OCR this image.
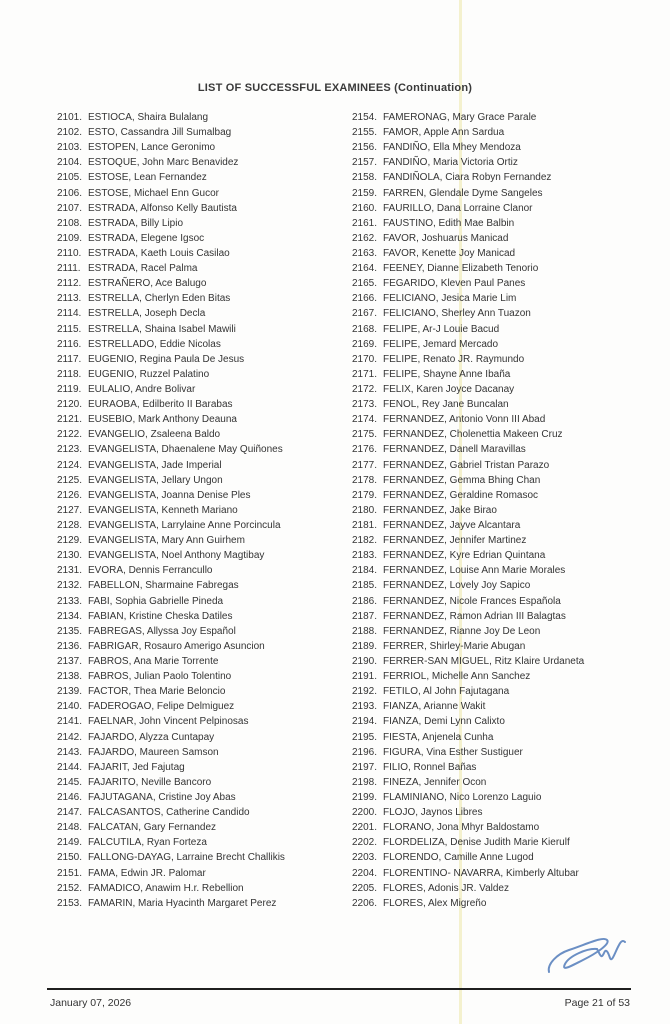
LIST OF SUCCESSFUL EXAMINEES (Continuation)
2101. ESTIOCA, Shaira Bulalang
2102. ESTO, Cassandra Jill Sumalbag
2103. ESTOPEN, Lance Geronimo
2104. ESTOQUE, John Marc Benavidez
2105. ESTOSE, Lean Fernandez
2106. ESTOSE, Michael Enn Gucor
2107. ESTRADA, Alfonso Kelly Bautista
2108. ESTRADA, Billy Lipio
2109. ESTRADA, Elegene Igsoc
2110. ESTRADA, Kaeth Louis Casilao
2111. ESTRADA, Racel Palma
2112. ESTRAÑERO, Ace Balugo
2113. ESTRELLA, Cherlyn Eden Bitas
2114. ESTRELLA, Joseph Decla
2115. ESTRELLA, Shaina Isabel Mawili
2116. ESTRELLADO, Eddie Nicolas
2117. EUGENIO, Regina Paula De Jesus
2118. EUGENIO, Ruzzel Palatino
2119. EULALIO, Andre Bolivar
2120. EURAOBA, Edilberito II Barabas
2121. EUSEBIO, Mark Anthony Deauna
2122. EVANGELIO, Zsaleena Baldo
2123. EVANGELISTA, Dhaenalene May Quiñones
2124. EVANGELISTA, Jade Imperial
2125. EVANGELISTA, Jellary Ungon
2126. EVANGELISTA, Joanna Denise Ples
2127. EVANGELISTA, Kenneth Mariano
2128. EVANGELISTA, Larrylaine Anne Porcincula
2129. EVANGELISTA, Mary Ann Guirhem
2130. EVANGELISTA, Noel Anthony Magtibay
2131. EVORA, Dennis Ferrancullo
2132. FABELLON, Sharmaine Fabregas
2133. FABI, Sophia Gabrielle Pineda
2134. FABIAN, Kristine Cheska Datiles
2135. FABREGAS, Allyssa Joy Español
2136. FABRIGAR, Rosauro Amerigo Asuncion
2137. FABROS, Ana Marie Torrente
2138. FABROS, Julian Paolo Tolentino
2139. FACTOR, Thea Marie Beloncio
2140. FADEROGAO, Felipe Delmiguez
2141. FAELNAR, John Vincent Pelpinosas
2142. FAJARDO, Alyzza Cuntapay
2143. FAJARDO, Maureen Samson
2144. FAJARIT, Jed Fajutag
2145. FAJARITO, Neville Bancoro
2146. FAJUTAGANA, Cristine Joy Abas
2147. FALCASANTOS, Catherine Candido
2148. FALCATAN, Gary Fernandez
2149. FALCUTILA, Ryan Forteza
2150. FALLONG-DAYAG, Larraine Brecht Challikis
2151. FAMA, Edwin JR. Palomar
2152. FAMADICO, Anawim H.r. Rebellion
2153. FAMARIN, Maria Hyacinth Margaret Perez
2154. FAMERONAG, Mary Grace Parale
2155. FAMOR, Apple Ann Sardua
2156. FANDIÑO, Ella Mhey Mendoza
2157. FANDIÑO, Maria Victoria Ortiz
2158. FANDIÑOLA, Ciara Robyn Fernandez
2159. FARREN, Glendale Dyme Sangeles
2160. FAURILLO, Dana Lorraine Clanor
2161. FAUSTINO, Edith Mae Balbin
2162. FAVOR, Joshuarus Manicad
2163. FAVOR, Kenette Joy Manicad
2164. FEENEY, Dianne Elizabeth Tenorio
2165. FEGARIDO, Kleven Paul Panes
2166. FELICIANO, Jesica Marie Lim
2167. FELICIANO, Sherley Ann Tuazon
2168. FELIPE, Ar-J Louie Bacud
2169. FELIPE, Jemard Mercado
2170. FELIPE, Renato JR. Raymundo
2171. FELIPE, Shayne Anne Ibaña
2172. FELIX, Karen Joyce Dacanay
2173. FENOL, Rey Jane Buncalan
2174. FERNANDEZ, Antonio Vonn III Abad
2175. FERNANDEZ, Cholenettia Makeen Cruz
2176. FERNANDEZ, Danell Maravillas
2177. FERNANDEZ, Gabriel Tristan Parazo
2178. FERNANDEZ, Gemma Bhing Chan
2179. FERNANDEZ, Geraldine Romasoc
2180. FERNANDEZ, Jake Birao
2181. FERNANDEZ, Jayve Alcantara
2182. FERNANDEZ, Jennifer Martinez
2183. FERNANDEZ, Kyre Edrian Quintana
2184. FERNANDEZ, Louise Ann Marie Morales
2185. FERNANDEZ, Lovely Joy Sapico
2186. FERNANDEZ, Nicole Frances Española
2187. FERNANDEZ, Ramon Adrian III Balagtas
2188. FERNANDEZ, Rianne Joy De Leon
2189. FERRER, Shirley-Marie Abugan
2190. FERRER-SAN MIGUEL, Ritz Klaire Urdaneta
2191. FERRIOL, Michelle Ann Sanchez
2192. FETILO, Al John Fajutagana
2193. FIANZA, Arianne Wakit
2194. FIANZA, Demi Lynn Calixto
2195. FIESTA, Anjenela Cunha
2196. FIGURA, Vina Esther Sustiguer
2197. FILIO, Ronnel Bañas
2198. FINEZA, Jennifer Ocon
2199. FLAMINIANO, Nico Lorenzo Laguio
2200. FLOJO, Jaynos Libres
2201. FLORANO, Jona Mhyr Baldostamo
2202. FLORDELIZA, Denise Judith Marie Kierulf
2203. FLORENDO, Camille Anne Lugod
2204. FLORENTINO- NAVARRA, Kimberly Altubar
2205. FLORES, Adonis JR. Valdez
2206. FLORES, Alex Migreño
January 07, 2026	Page 21 of 53
